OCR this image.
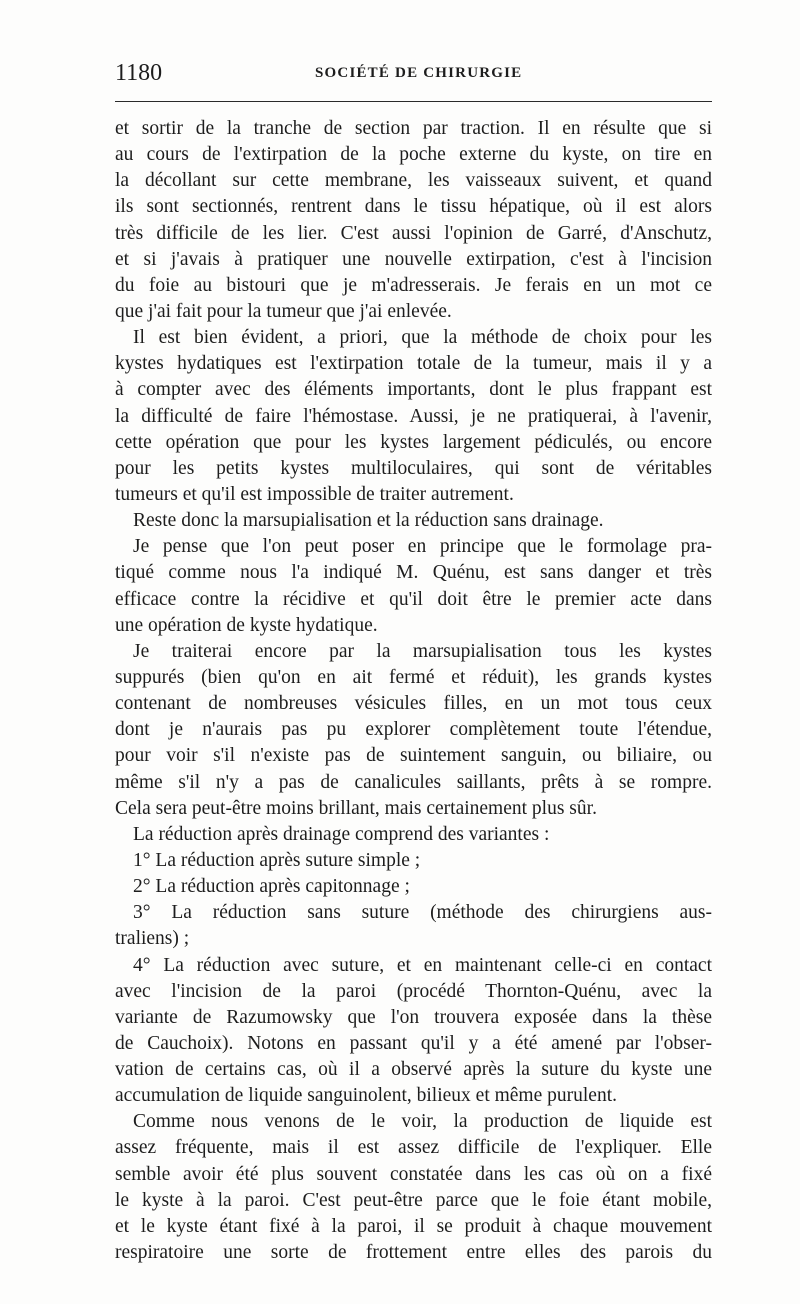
1180	SOCIÉTÉ DE CHIRURGIE
et sortir de la tranche de section par traction. Il en résulte que si
au cours de l'extirpation de la poche externe du kyste, on tire en
la décollant sur cette membrane, les vaisseaux suivent, et quand
ils sont sectionnés, rentrent dans le tissu hépatique, où il est alors
très difficile de les lier. C'est aussi l'opinion de Garré, d'Anschutz,
et si j'avais à pratiquer une nouvelle extirpation, c'est à l'incision
du foie au bistouri que je m'adresserais. Je ferais en un mot ce
que j'ai fait pour la tumeur que j'ai enlevée.
Il est bien évident, a priori, que la méthode de choix pour les
kystes hydatiques est l'extirpation totale de la tumeur, mais il y a
à compter avec des éléments importants, dont le plus frappant est
la difficulté de faire l'hémostase. Aussi, je ne pratiquerai, à l'avenir,
cette opération que pour les kystes largement pédiculés, ou encore
pour les petits kystes multiloculaires, qui sont de véritables
tumeurs et qu'il est impossible de traiter autrement.
Reste donc la marsupialisation et la réduction sans drainage.
Je pense que l'on peut poser en principe que le formolage pra-
tiqué comme nous l'a indiqué M. Quénu, est sans danger et très
efficace contre la récidive et qu'il doit être le premier acte dans
une opération de kyste hydatique.
Je traiterai encore par la marsupialisation tous les kystes
suppurés (bien qu'on en ait fermé et réduit), les grands kystes
contenant de nombreuses vésicules filles, en un mot tous ceux
dont je n'aurais pas pu explorer complètement toute l'étendue,
pour voir s'il n'existe pas de suintement sanguin, ou biliaire, ou
même s'il n'y a pas de canalicules saillants, prêts à se rompre.
Cela sera peut-être moins brillant, mais certainement plus sûr.
La réduction après drainage comprend des variantes :
1° La réduction après suture simple ;
2° La réduction après capitonnage ;
3° La réduction sans suture (méthode des chirurgiens aus-
traliens) ;
4° La réduction avec suture, et en maintenant celle-ci en contact
avec l'incision de la paroi (procédé Thornton-Quénu, avec la
variante de Razumowsky que l'on trouvera exposée dans la thèse
de Cauchoix). Notons en passant qu'il y a été amené par l'obser-
vation de certains cas, où il a observé après la suture du kyste une
accumulation de liquide sanguinolent, bilieux et même purulent.
Comme nous venons de le voir, la production de liquide est
assez fréquente, mais il est assez difficile de l'expliquer. Elle
semble avoir été plus souvent constatée dans les cas où on a fixé
le kyste à la paroi. C'est peut-être parce que le foie étant mobile,
et le kyste étant fixé à la paroi, il se produit à chaque mouvement
respiratoire une sorte de frottement entre elles des parois du
